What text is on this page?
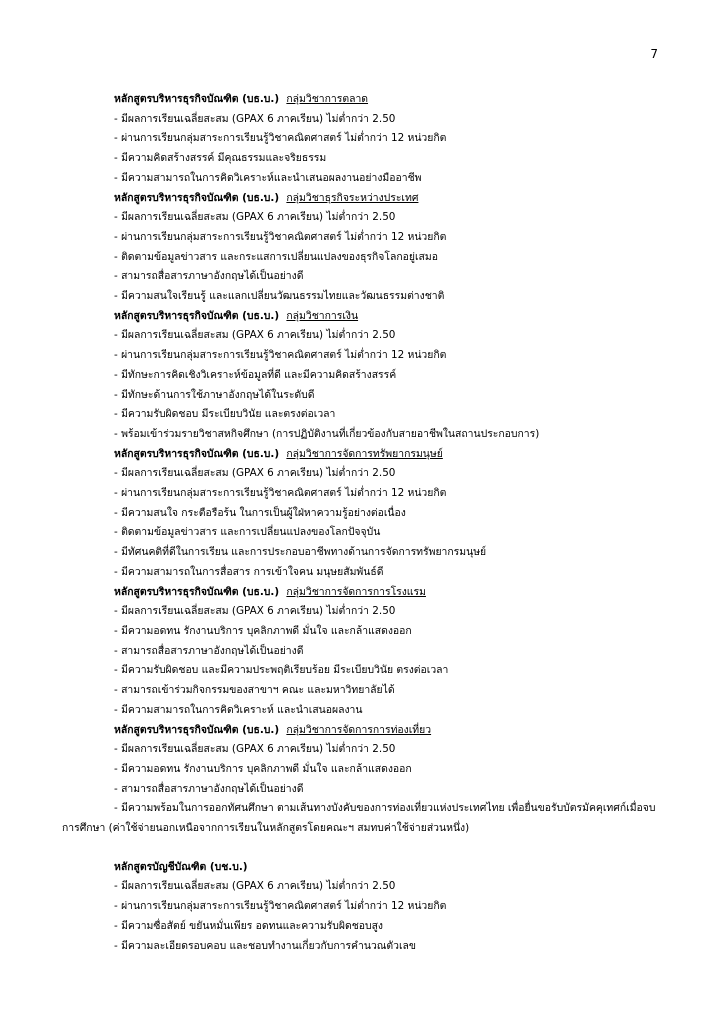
7
หลักสูตรบริหารธุรกิจบัณฑิต (บธ.บ.) กลุ่มวิชาการตลาด
- มีผลการเรียนเฉลี่ยสะสม (GPAX 6 ภาคเรียน) ไม่ต่ำกว่า 2.50
- ผ่านการเรียนกลุ่มสาระการเรียนรู้วิชาคณิตศาสตร์ ไม่ต่ำกว่า 12 หน่วยกิต
- มีความคิดสร้างสรรค์ มีคุณธรรมและจริยธรรม
- มีความสามารถในการคิดวิเคราะห์และนำเสนอผลงานอย่างมืออาชีพ
หลักสูตรบริหารธุรกิจบัณฑิต (บธ.บ.) กลุ่มวิชาธุรกิจระหว่างประเทศ
- มีผลการเรียนเฉลี่ยสะสม (GPAX 6 ภาคเรียน) ไม่ต่ำกว่า 2.50
- ผ่านการเรียนกลุ่มสาระการเรียนรู้วิชาคณิตศาสตร์ ไม่ต่ำกว่า 12 หน่วยกิต
- ติดตามข้อมูลข่าวสาร และกระแสการเปลี่ยนแปลงของธุรกิจโลกอยู่เสมอ
- สามารถสื่อสารภาษาอังกฤษได้เป็นอย่างดี
- มีความสนใจเรียนรู้ และแลกเปลี่ยนวัฒนธรรมไทยและวัฒนธรรมต่างชาติ
หลักสูตรบริหารธุรกิจบัณฑิต (บธ.บ.) กลุ่มวิชาการเงิน
- มีผลการเรียนเฉลี่ยสะสม (GPAX 6 ภาคเรียน) ไม่ต่ำกว่า 2.50
- ผ่านการเรียนกลุ่มสาระการเรียนรู้วิชาคณิตศาสตร์ ไม่ต่ำกว่า 12 หน่วยกิต
- มีทักษะการคิดเชิงวิเคราะห์ข้อมูลที่ดี และมีความคิดสร้างสรรค์
- มีทักษะด้านการใช้ภาษาอังกฤษได้ในระดับดี
- มีความรับผิดชอบ มีระเบียบวินัย และตรงต่อเวลา
- พร้อมเข้าร่วมรายวิชาสหกิจศึกษา (การปฏิบัติงานที่เกี่ยวข้องกับสายอาชีพในสถานประกอบการ)
หลักสูตรบริหารธุรกิจบัณฑิต (บธ.บ.) กลุ่มวิชาการจัดการทรัพยากรมนุษย์
- มีผลการเรียนเฉลี่ยสะสม (GPAX 6 ภาคเรียน) ไม่ต่ำกว่า 2.50
- ผ่านการเรียนกลุ่มสาระการเรียนรู้วิชาคณิตศาสตร์ ไม่ต่ำกว่า 12 หน่วยกิต
- มีความสนใจ กระตือรือร้น ในการเป็นผู้ใฝ่หาความรู้อย่างต่อเนื่อง
- ติดตามข้อมูลข่าวสาร และการเปลี่ยนแปลงของโลกปัจจุบัน
- มีทัศนคติที่ดีในการเรียน และการประกอบอาชีพทางด้านการจัดการทรัพยากรมนุษย์
- มีความสามารถในการสื่อสาร การเข้าใจคน มนุษยสัมพันธ์ดี
หลักสูตรบริหารธุรกิจบัณฑิต (บธ.บ.) กลุ่มวิชาการจัดการการโรงแรม
- มีผลการเรียนเฉลี่ยสะสม (GPAX 6 ภาคเรียน) ไม่ต่ำกว่า 2.50
- มีความอดทน รักงานบริการ บุคลิกภาพดี มั่นใจ และกล้าแสดงออก
- สามารถสื่อสารภาษาอังกฤษได้เป็นอย่างดี
- มีความรับผิดชอบ และมีความประพฤติเรียบร้อย มีระเบียบวินัย ตรงต่อเวลา
- สามารถเข้าร่วมกิจกรรมของสาขาฯ คณะ และมหาวิทยาลัยได้
- มีความสามารถในการคิดวิเคราะห์ และนำเสนอผลงาน
หลักสูตรบริหารธุรกิจบัณฑิต (บธ.บ.) กลุ่มวิชาการจัดการการท่องเที่ยว
- มีผลการเรียนเฉลี่ยสะสม (GPAX 6 ภาคเรียน) ไม่ต่ำกว่า 2.50
- มีความอดทน รักงานบริการ บุคลิกภาพดี มั่นใจ และกล้าแสดงออก
- สามารถสื่อสารภาษาอังกฤษได้เป็นอย่างดี
- มีความพร้อมในการออกทัศนศึกษา ตามเส้นทางบังคับของการท่องเที่ยวแห่งประเทศไทย เพื่อยื่นขอรับบัตรมัคคุเทศก์เมื่อจบการศึกษา (ค่าใช้จ่ายนอกเหนือจากการเรียนในหลักสูตรโดยคณะฯ สมทบค่าใช้จ่ายส่วนหนึ่ง)
หลักสูตรบัญชีบัณฑิต (บช.บ.)
- มีผลการเรียนเฉลี่ยสะสม (GPAX 6 ภาคเรียน) ไม่ต่ำกว่า 2.50
- ผ่านการเรียนกลุ่มสาระการเรียนรู้วิชาคณิตศาสตร์ ไม่ต่ำกว่า 12 หน่วยกิต
- มีความซื่อสัตย์ ขยันหมั่นเพียร อดทนและความรับผิดชอบสูง
- มีความละเอียดรอบคอบ และชอบทำงานเกี่ยวกับการคำนวณตัวเลข
